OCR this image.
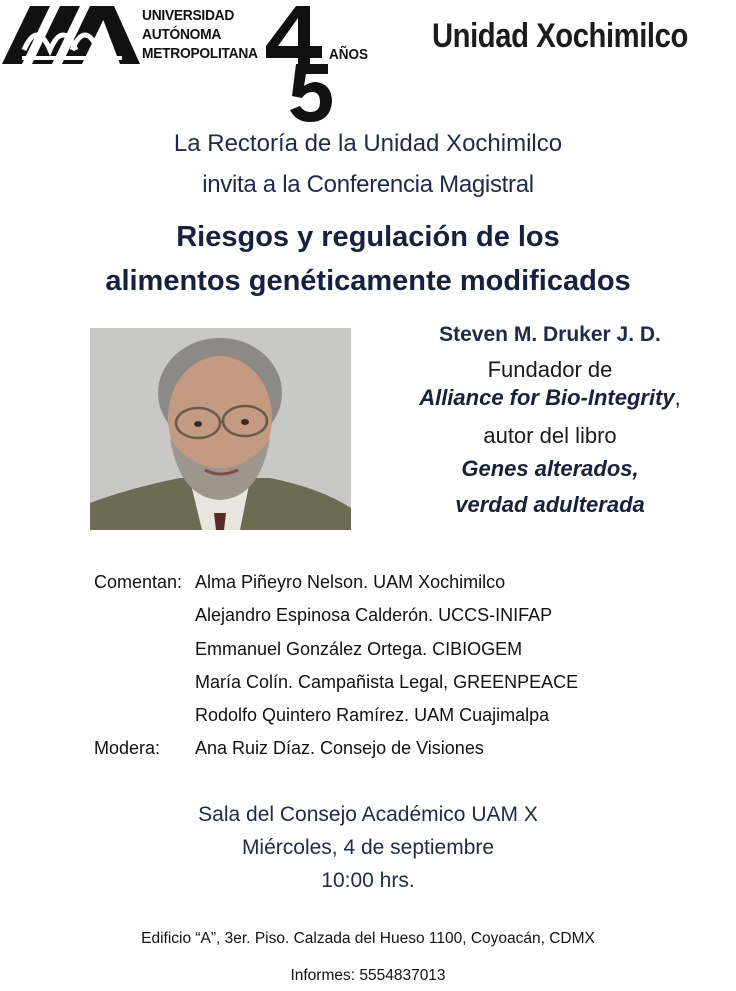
UNIVERSIDAD
AUTÓNOMA
METROPOLITANA	AÑOS Unidad Xochimilco
La Rectoría de la Unidad Xochimilco
invita a la Conferencia Magistral
Riesgos y regulación de los
alimentos genéticamente modificados
Steven M. Druker J. D.
Fundador de
Alliance for Bio-Integrity,
autor del libro
Genes alterados,
verdad adulterada
Comentan: Alma Piñeyro Nelson. UAM Xochimilco
Alejandro Espinosa Calderón. UCCS-INIFAP
Emmanuel González Ortega. CIBIOGEM
María Colín. Campañista Legal, GREENPEACE
Rodolfo Quintero Ramírez. UAM Cuajimalpa
Modera: Ana Ruiz Díaz. Consejo de Visiones
Sala del Consejo Académico UAM X
Miércoles, 4 de septiembre
10:00 hrs.
Edificio “A”, 3er. Piso. Calzada del Hueso 1100, Coyoacán, CDMX
Informes: 5554837013
